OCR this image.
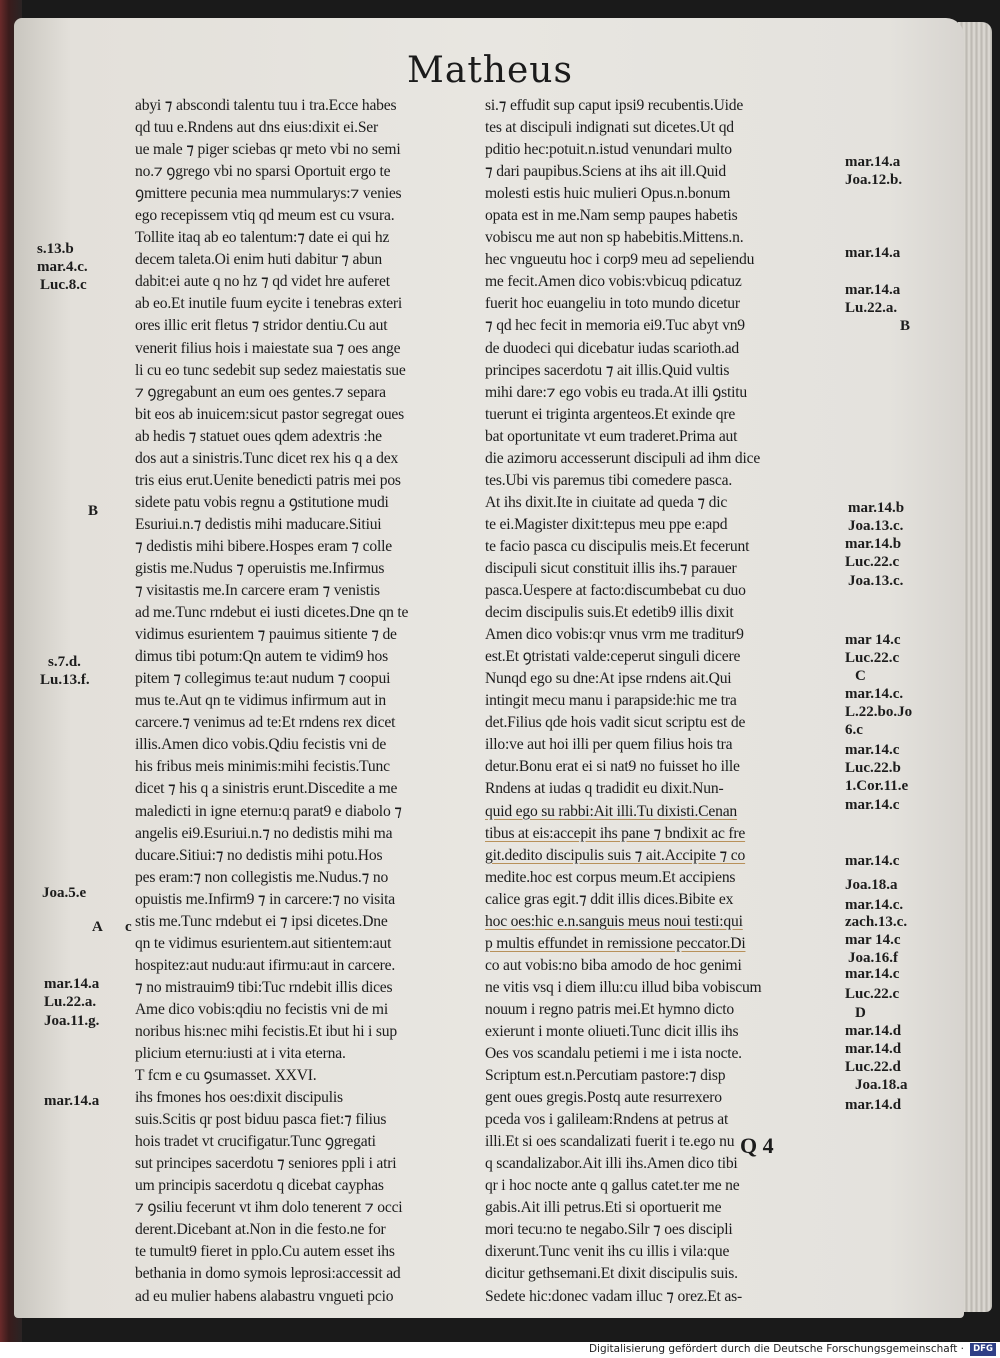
Matheus
abyi ⁊ abscondi talentu tuu i tra.Ecce habes
qd tuu e.Rndens aut dns eius:dixit ei.Ser
ue male ⁊ piger sciebas qr meto vbi no semi
no.⁊ ꝯgrego vbi no sparsi Oportuit ergo te
ꝯmittere pecunia mea nummularys:⁊ venies
ego recepissem vtiq qd meum est cu vsura.
Tollite itaq ab eo talentum:⁊ date ei qui hz
decem taleta.Oi enim huti dabitur ⁊ abun
dabit:ei aute q no hz ⁊ qd videt hre auferet
ab eo.Et inutile fuum eycite i tenebras exteri
ores illic erit fletus ⁊ stridor dentiu.Cu aut
venerit filius hois i maiestate sua ⁊ oes ange
li cu eo tunc sedebit sup sedez maiestatis sue
⁊ ꝯgregabunt an eum oes gentes.⁊ separa
bit eos ab inuicem:sicut pastor segregat oues
ab hedis ⁊ statuet oues qdem adextris :he
dos aut a sinistris.Tunc dicet rex his q a dex
tris eius erut.Uenite benedicti patris mei pos
sidete patu vobis regnu a ꝯstitutione mudi
Esuriui.n.⁊ dedistis mihi maducare.Sitiui
⁊ dedistis mihi bibere.Hospes eram ⁊ colle
gistis me.Nudus ⁊ operuistis me.Infirmus
⁊ visitastis me.In carcere eram ⁊ venistis
ad me.Tunc rndebut ei iusti dicetes.Dne qn te
vidimus esurientem ⁊ pauimus sitiente ⁊ de
dimus tibi potum:Qn autem te vidim9 hos
pitem ⁊ collegimus te:aut nudum ⁊ coopui
mus te.Aut qn te vidimus infirmum aut in
carcere.⁊ venimus ad te:Et rndens rex dicet
illis.Amen dico vobis.Qdiu fecistis vni de
his fribus meis minimis:mihi fecistis.Tunc
dicet ⁊ his q a sinistris erunt.Discedite a me
maledicti in igne eternu:q parat9 e diabolo ⁊
angelis ei9.Esuriui.n.⁊ no dedistis mihi ma
ducare.Sitiui:⁊ no dedistis mihi potu.Hos
pes eram:⁊ non collegistis me.Nudus.⁊ no
opuistis me.Infirm9 ⁊ in carcere:⁊ no visita
stis me.Tunc rndebut ei ⁊ ipsi dicetes.Dne
qn te vidimus esurientem.aut sitientem:aut
hospitez:aut nudu:aut ifirmu:aut in carcere.
⁊ no mistrauim9 tibi:Tuc rndebit illis dices
Ame dico vobis:qdiu no fecistis vni de mi
noribus his:nec mihi fecistis.Et ibut hi i sup
plicium eternu:iusti at i vita eterna.
T fcm e cu ꝯsumasset. XXVI.
ihs fmones hos oes:dixit discipulis
suis.Scitis qr post biduu pasca fiet:⁊ filius
hois tradet vt crucifigatur.Tunc ꝯgregati
sut principes sacerdotu ⁊ seniores ppli i atri
um principis sacerdotu q dicebat cayphas
⁊ ꝯsiliu fecerunt vt ihm dolo tenerent ⁊ occi
derent.Dicebant at.Non in die festo.ne for
te tumult9 fieret in pplo.Cu autem esset ihs
bethania in domo symois leprosi:accessit ad
ad eu mulier habens alabastru vngueti pcio
si.⁊ effudit sup caput ipsi9 recubentis.Uide
tes at discipuli indignati sut dicetes.Ut qd
pditio hec:potuit.n.istud venundari multo
⁊ dari paupibus.Sciens at ihs ait ill.Quid
molesti estis huic mulieri Opus.n.bonum
opata est in me.Nam semp paupes habetis
vobiscu me aut non sp habebitis.Mittens.n.
hec vngueutu hoc i corp9 meu ad sepeliendu
me fecit.Amen dico vobis:vbicuq pdicatuz
fuerit hoc euangeliu in toto mundo dicetur
⁊ qd hec fecit in memoria ei9.Tuc abyt vn9
de duodeci qui dicebatur iudas scarioth.ad
principes sacerdotu ⁊ ait illis.Quid vultis
mihi dare:⁊ ego vobis eu trada.At illi ꝯstitu
tuerunt ei triginta argenteos.Et exinde qre
bat oportunitate vt eum traderet.Prima aut
die azimoru accesserunt discipuli ad ihm dice
tes.Ubi vis paremus tibi comedere pasca.
At ihs dixit.Ite in ciuitate ad queda ⁊ dic
te ei.Magister dixit:tepus meu ppe e:apd
te facio pasca cu discipulis meis.Et fecerunt
discipuli sicut constituit illis ihs.⁊ parauer
pasca.Uespere at facto:discumbebat cu duo
decim discipulis suis.Et edetib9 illis dixit
Amen dico vobis:qr vnus vrm me traditur9
est.Et ꝯtristati valde:ceperut singuli dicere
Nunqd ego su dne:At ipse rndens ait.Qui
intingit mecu manu i parapside:hic me tra
det.Filius qde hois vadit sicut scriptu est de
illo:ve aut hoi illi per quem filius hois tra
detur.Bonu erat ei si nat9 no fuisset ho ille
Rndens at iudas q tradidit eu dixit.Nun-
quid ego su rabbi:Ait illi.Tu dixisti.Cenan
tibus at eis:accepit ihs pane ⁊ bndixit ac fre
git.dedito discipulis suis ⁊ ait.Accipite ⁊ co
medite.hoc est corpus meum.Et accipiens
calice gras egit.⁊ ddit illis dices.Bibite ex
hoc oes:hic e.n.sanguis meus noui testi:qui
p multis effundet in remissione peccator.Di
co aut vobis:no biba amodo de hoc genimi
ne vitis vsq i diem illu:cu illud biba vobiscum
nouum i regno patris mei.Et hymno dicto
exierunt i monte oliueti.Tunc dicit illis ihs
Oes vos scandalu petiemi i me i ista nocte.
Scriptum est.n.Percutiam pastore:⁊ disp
gent oues gregis.Postq aute resurrexero
pceda vos i galileam:Rndens at petrus at
illi.Et si oes scandalizati fuerit i te.ego nu
q scandalizabor.Ait illi ihs.Amen dico tibi
qr i hoc nocte ante q gallus catet.ter me ne
gabis.Ait illi petrus.Eti si oportuerit me
mori tecu:no te negabo.Silr ⁊ oes discipli
dixerunt.Tunc venit ihs cu illis i vila:que
dicitur gethsemani.Et dixit discipulis suis.
Sedete hic:donec vadam illuc ⁊ orez.Et as-
s.13.b
mar.4.c.
Luc.8.c
B
s.7.d.
Lu.13.f.
Joa.5.e
A c
mar.14.a
Lu.22.a.
Joa.11.g.
mar.14.a
mar.14.a
Joa.12.b.
mar.14.a
mar.14.a
Lu.22.a.
B
mar.14.b
Joa.13.c.
mar.14.b
Luc.22.c
Joa.13.c.
mar 14.c
Luc.22.c
C
mar.14.c.
L.22.bo.Jo
6.c
mar.14.c
Luc.22.b
1.Cor.11.e
mar.14.c
mar.14.c
Joa.18.a
mar.14.c.
zach.13.c.
mar 14.c
Joa.16.f
mar.14.c
Luc.22.c
D
mar.14.d
mar.14.d
Luc.22.d
Joa.18.a
mar.14.d
Q 4
Digitalisierung gefördert durch die Deutsche Forschungsgemeinschaft ·	DFG
